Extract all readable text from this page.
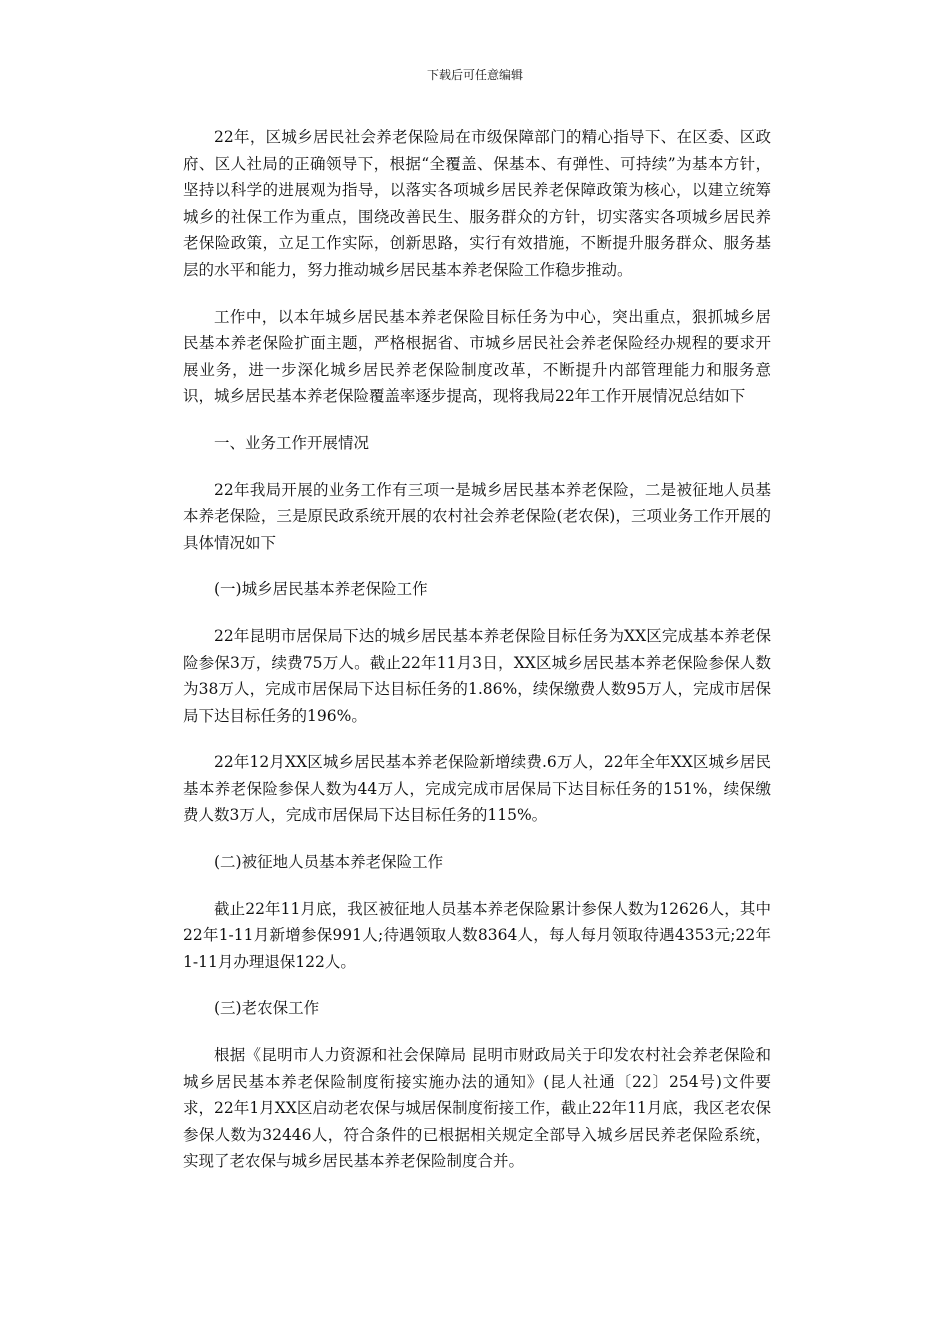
下载后可任意编辑

22年，区城乡居民社会养老保险局在市级保障部门的精心指导下、在区委、区政府、区人社局的正确领导下，根据“全覆盖、保基本、有弹性、可持续”为基本方针，坚持以科学的进展观为指导，以落实各项城乡居民养老保障政策为核心，以建立统筹城乡的社保工作为重点，围绕改善民生、服务群众的方针，切实落实各项城乡居民养老保险政策，立足工作实际，创新思路，实行有效措施，不断提升服务群众、服务基层的水平和能力，努力推动城乡居民基本养老保险工作稳步推动。

工作中，以本年城乡居民基本养老保险目标任务为中心，突出重点，狠抓城乡居民基本养老保险扩面主题，严格根据省、市城乡居民社会养老保险经办规程的要求开展业务，进一步深化城乡居民养老保险制度改革，不断提升内部管理能力和服务意识，城乡居民基本养老保险覆盖率逐步提高，现将我局22年工作开展情况总结如下

一、业务工作开展情况

22年我局开展的业务工作有三项一是城乡居民基本养老保险，二是被征地人员基本养老保险，三是原民政系统开展的农村社会养老保险(老农保)，三项业务工作开展的具体情况如下

(一)城乡居民基本养老保险工作

22年昆明市居保局下达的城乡居民基本养老保险目标任务为XX区完成基本养老保险参保3万，续费75万人。截止22年11月3日，XX区城乡居民基本养老保险参保人数为38万人，完成市居保局下达目标任务的1.86%，续保缴费人数95万人，完成市居保局下达目标任务的196%。

22年12月XX区城乡居民基本养老保险新增续费.6万人，22年全年XX区城乡居民基本养老保险参保人数为44万人，完成完成市居保局下达目标任务的151%，续保缴费人数3万人，完成市居保局下达目标任务的115%。

(二)被征地人员基本养老保险工作

截止22年11月底，我区被征地人员基本养老保险累计参保人数为12626人，其中22年1-11月新增参保991人;待遇领取人数8364人，每人每月领取待遇4353元;22年1-11月办理退保122人。

(三)老农保工作

根据《昆明市人力资源和社会保障局 昆明市财政局关于印发农村社会养老保险和城乡居民基本养老保险制度衔接实施办法的通知》(昆人社通〔22〕254号)文件要求，22年1月XX区启动老农保与城居保制度衔接工作，截止22年11月底，我区老农保参保人数为32446人，符合条件的已根据相关规定全部导入城乡居民养老保险系统，实现了老农保与城乡居民基本养老保险制度合并。
